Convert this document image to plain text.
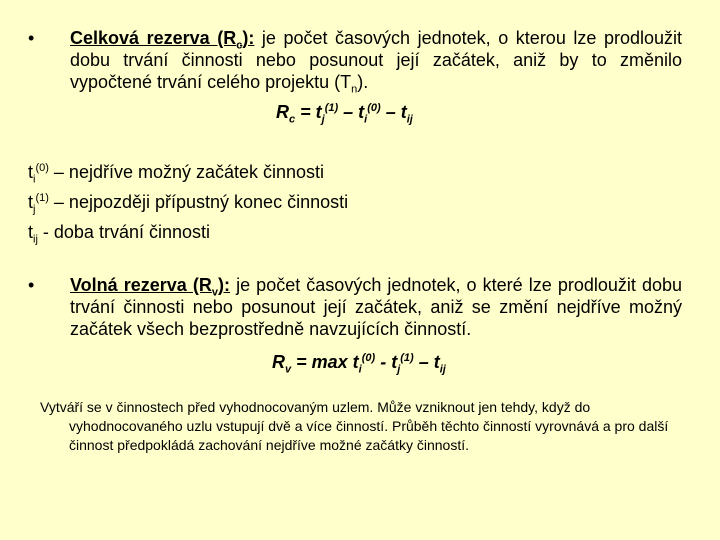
• Celková rezerva $(R_c)$: je počet časových jednotek, o kterou lze prodloužit dobu trvání činnosti nebo posunout její začátek, aniž by to změnilo vypočtené trvání celého projektu $(T_n)$.
$R_c = t_j^{(1)} - t_i^{(0)} - t_{ij}$
$t_i^{(0)}$ – nejdříve možný začátek činnosti
$t_j^{(1)}$ – nejpozději přípustný konec činnosti
$t_{ij}$ - doba trvání činnosti
• Volná rezerva $(R_v)$: je počet časových jednotek, o které lze prodloužit dobu trvání činnosti nebo posunout její začátek, aniž se změní nejdříve možný začátek všech bezprostředně navzujících činností.
$R_v = \max t_i^{(0)} - t_j^{(1)} - t_{ij}$
Vytváří se v činnostech před vyhodnocovaným uzlem. Může vzniknout jen tehdy, když do vyhodnocovaného uzlu vstupují dvě a více činností. Průběh těchto činností vyrovnává a pro další činnost předpokládá zachování nejdříve možné začátky činností.
